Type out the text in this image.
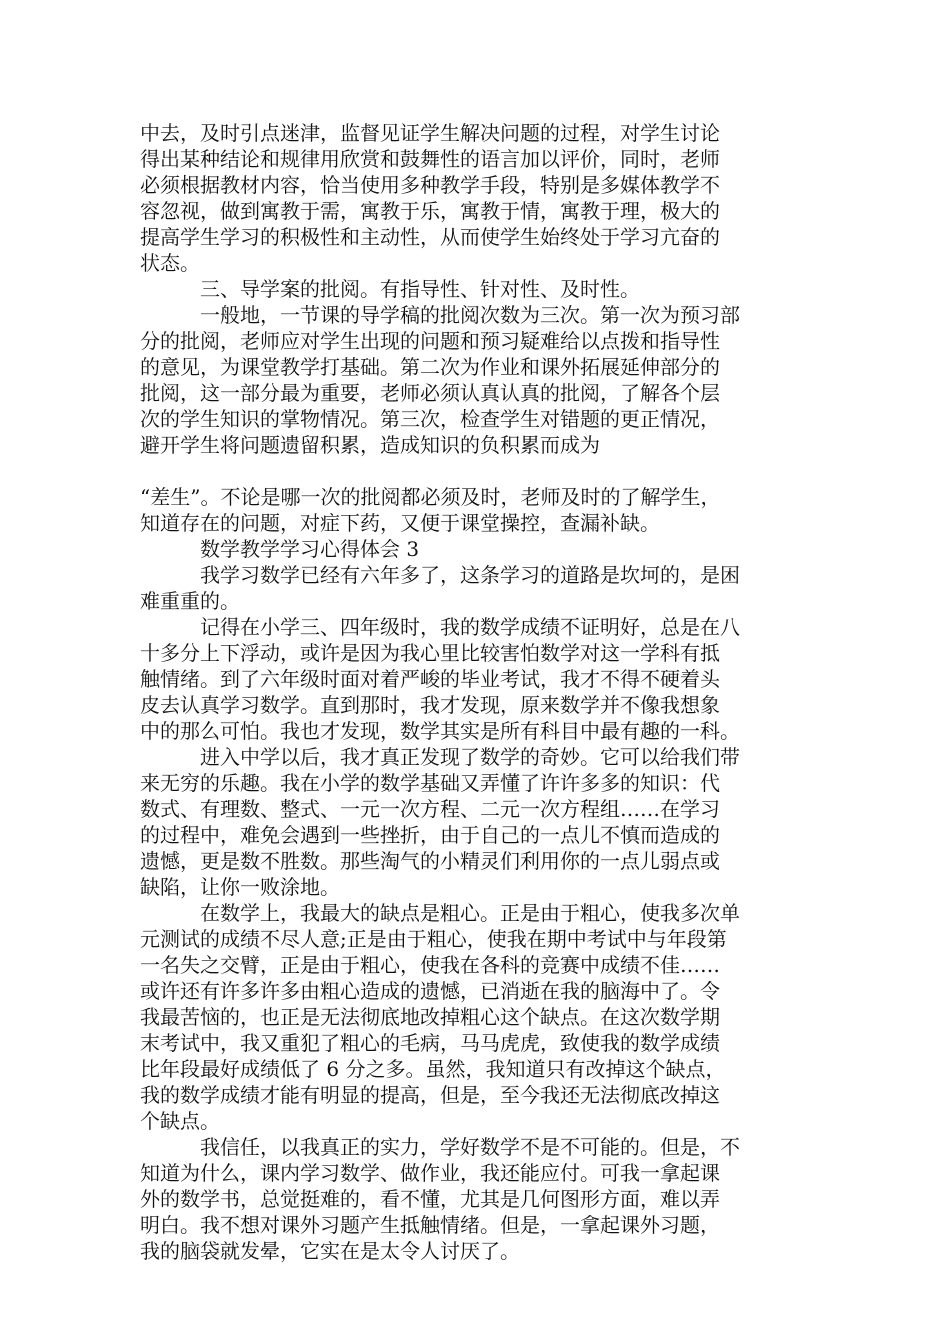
中去，及时引点迷津，监督见证学生解决问题的过程，对学生讨论
得出某种结论和规律用欣赏和鼓舞性的语言加以评价，同时，老师
必须根据教材内容，恰当使用多种教学手段，特别是多媒体教学不
容忽视，做到寓教于需，寓教于乐，寓教于情，寓教于理，极大的
提高学生学习的积极性和主动性，从而使学生始终处于学习亢奋的
状态。
三、导学案的批阅。有指导性、针对性、及时性。
一般地，一节课的导学稿的批阅次数为三次。第一次为预习部
分的批阅，老师应对学生出现的问题和预习疑难给以点拨和指导性
的意见，为课堂教学打基础。第二次为作业和课外拓展延伸部分的
批阅，这一部分最为重要，老师必须认真认真的批阅，了解各个层
次的学生知识的掌物情况。第三次，检查学生对错题的更正情况，
避开学生将问题遗留积累，造成知识的负积累而成为
“差生”。不论是哪一次的批阅都必须及时，老师及时的了解学生，
知道存在的问题，对症下药，又便于课堂操控，查漏补缺。
数学教学学习心得体会 3
我学习数学已经有六年多了，这条学习的道路是坎坷的，是困
难重重的。
记得在小学三、四年级时，我的数学成绩不证明好，总是在八
十多分上下浮动，或许是因为我心里比较害怕数学对这一学科有抵
触情绪。到了六年级时面对着严峻的毕业考试，我才不得不硬着头
皮去认真学习数学。直到那时，我才发现，原来数学并不像我想象
中的那么可怕。我也才发现，数学其实是所有科目中最有趣的一科。
进入中学以后，我才真正发现了数学的奇妙。它可以给我们带
来无穷的乐趣。我在小学的数学基础又弄懂了许许多多的知识：代
数式、有理数、整式、一元一次方程、二元一次方程组……在学习
的过程中，难免会遇到一些挫折，由于自己的一点儿不慎而造成的
遗憾，更是数不胜数。那些淘气的小精灵们利用你的一点儿弱点或
缺陷，让你一败涂地。
在数学上，我最大的缺点是粗心。正是由于粗心，使我多次单
元测试的成绩不尽人意;正是由于粗心，使我在期中考试中与年段第
一名失之交臂，正是由于粗心，使我在各科的竞赛中成绩不佳……
或许还有许多许多由粗心造成的遗憾，已消逝在我的脑海中了。令
我最苦恼的，也正是无法彻底地改掉粗心这个缺点。在这次数学期
末考试中，我又重犯了粗心的毛病，马马虎虎，致使我的数学成绩
比年段最好成绩低了 6 分之多。虽然，我知道只有改掉这个缺点，
我的数学成绩才能有明显的提高，但是，至今我还无法彻底改掉这
个缺点。
我信任，以我真正的实力，学好数学不是不可能的。但是，不
知道为什么，课内学习数学、做作业，我还能应付。可我一拿起课
外的数学书，总觉挺难的，看不懂，尤其是几何图形方面，难以弄
明白。我不想对课外习题产生抵触情绪。但是，一拿起课外习题，
我的脑袋就发晕，它实在是太令人讨厌了。
